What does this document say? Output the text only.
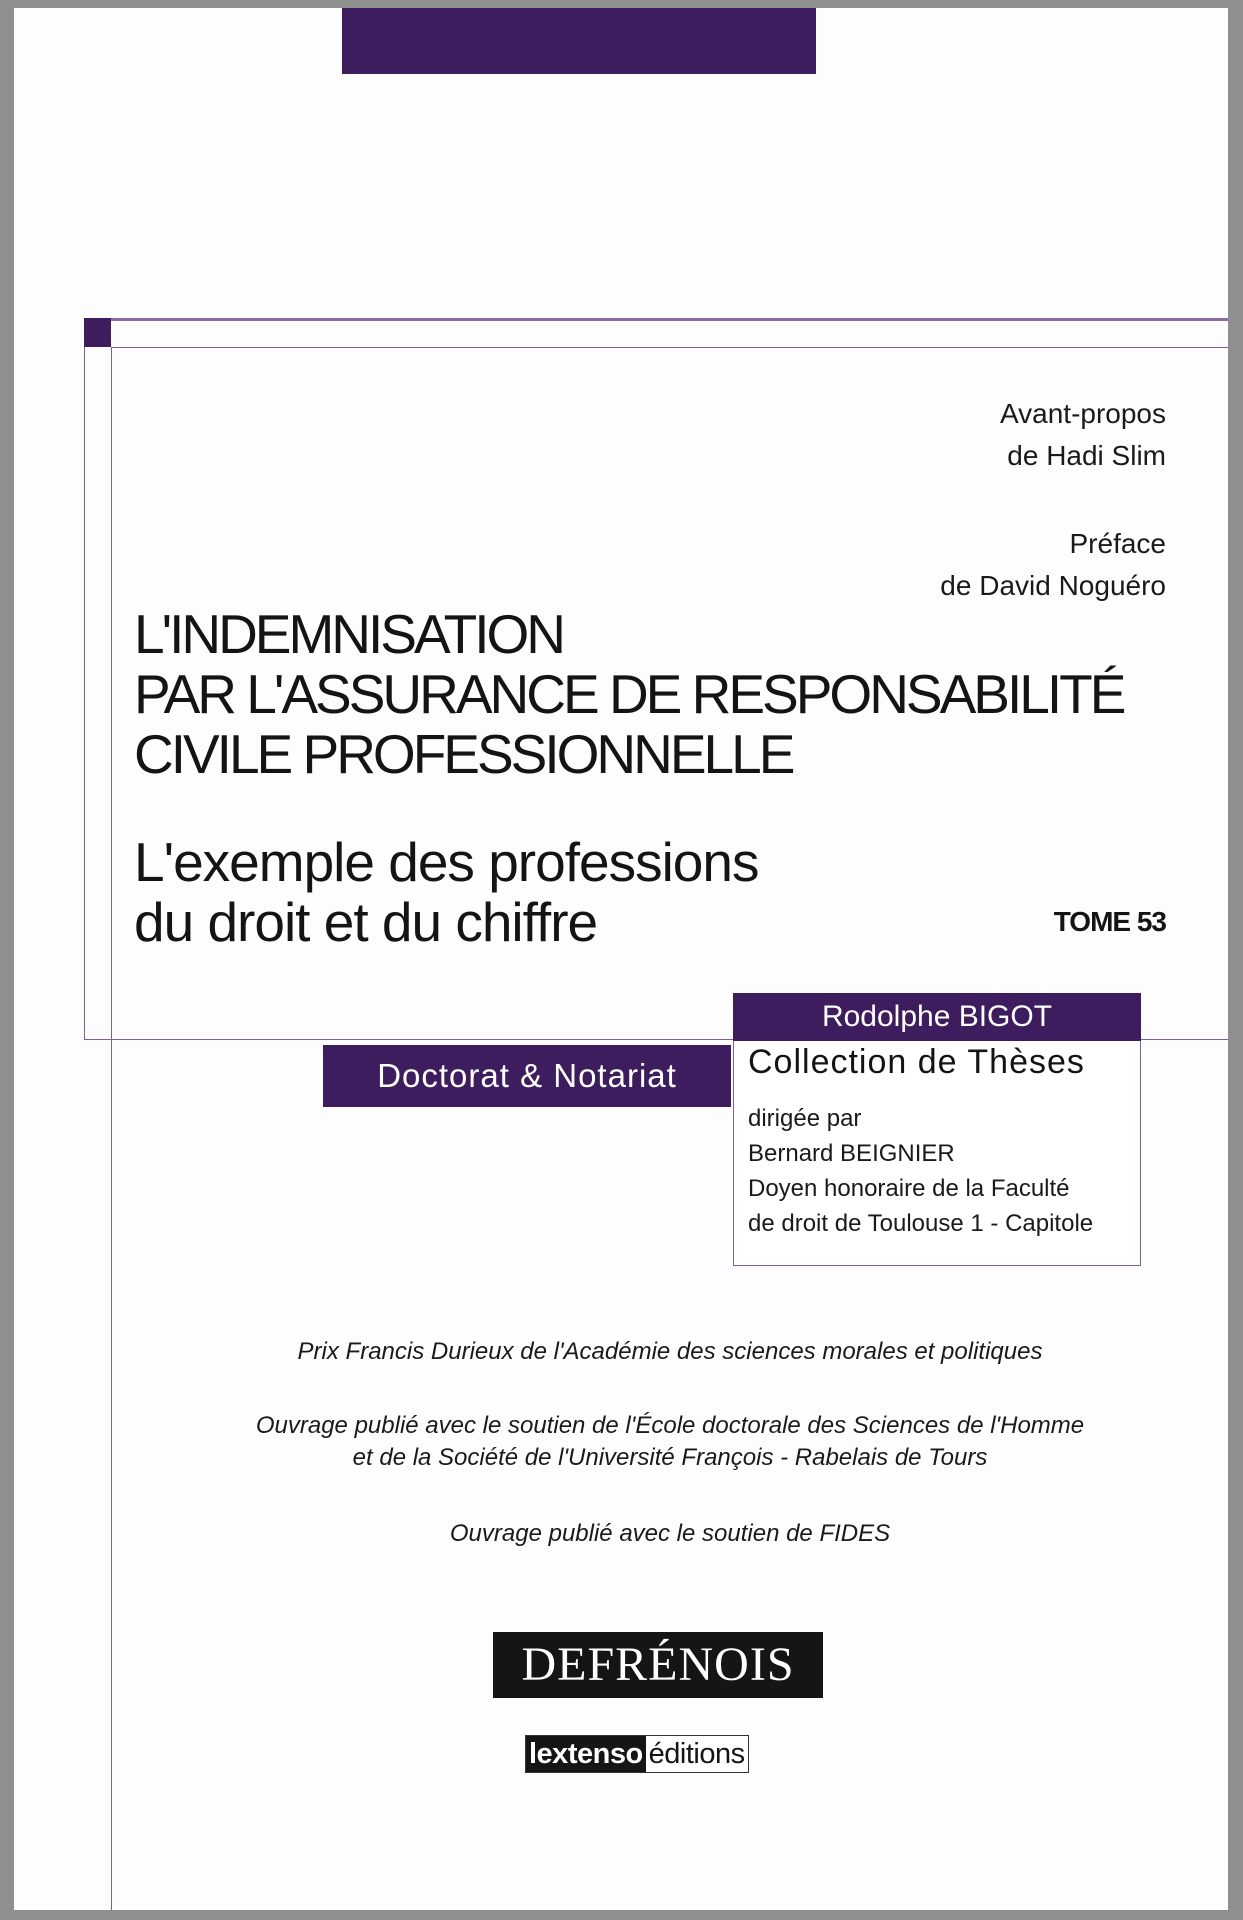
Avant-propos
de Hadi Slim
Préface
de David Noguéro
L'INDEMNISATION
PAR L'ASSURANCE DE RESPONSABILITÉ
CIVILE PROFESSIONNELLE
L'exemple des professions
du droit et du chiffre	TOME 53
Rodolphe BIGOT
Doctorat & Notariat	Collection de Thèses
dirigée par
Bernard BEIGNIER
Doyen honoraire de la Faculté
de droit de Toulouse 1 - Capitole
Prix Francis Durieux de l'Académie des sciences morales et politiques
Ouvrage publié avec le soutien de l'École doctorale des Sciences de l'Homme
et de la Société de l'Université François - Rabelais de Tours
Ouvrage publié avec le soutien de FIDES
DEFRÉNOIS
lextenso éditions
